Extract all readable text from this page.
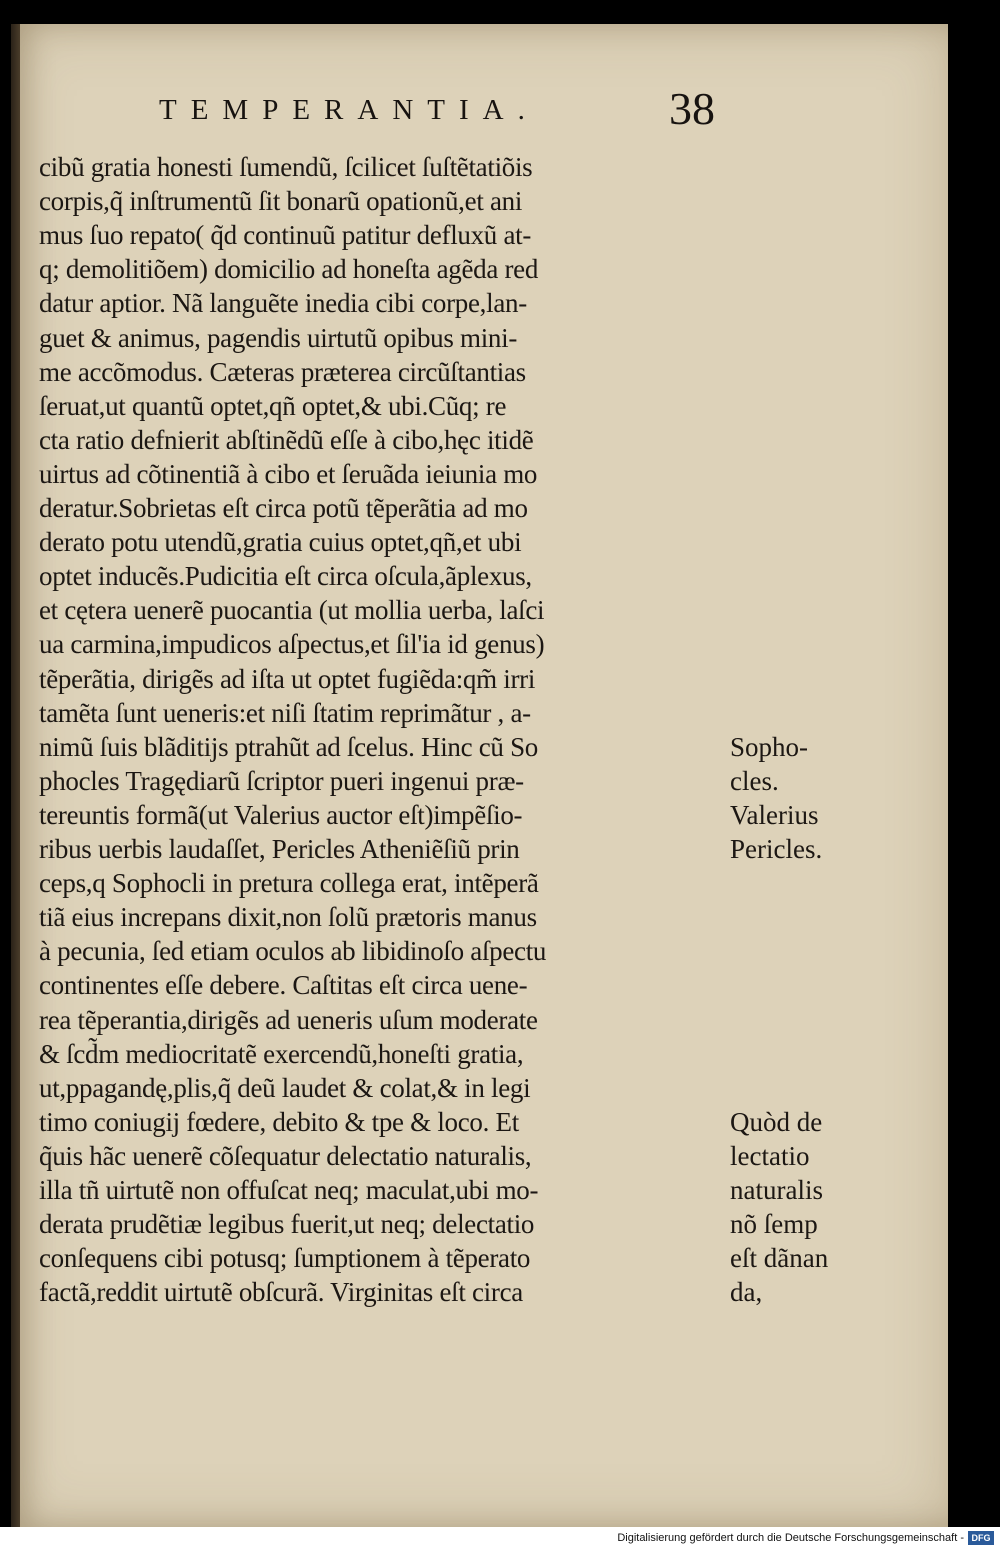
TEMPERANTIA.	38
cibũ gratia honesti ſumendũ, ſcilicet ſuſtẽtatiõis
corpis,q̃ inſtrumentũ ſit bonarũ opationũ,et ani
mus ſuo repato( q̃d continuũ patitur defluxũ at-
q; demolitiõem) domicilio ad honeſta agẽda red
datur aptior. Nã languẽte inedia cibi corpe,lan-
guet & animus, pagendis uirtutũ opibus mini-
me accõmodus. Cæteras præterea circũſtantias
ſeruat,ut quantũ optet,qñ optet,& ubi.Cũq; re
cta ratio defnierit abſtinẽdũ eſſe à cibo,hęc itidẽ
uirtus ad cõtinentiã à cibo et ſeruãda ieiunia mo
deratur.Sobrietas eſt circa potũ tẽperãtia ad mo
derato potu utendũ,gratia cuius optet,qñ,et ubi
optet inducẽs.Pudicitia eſt circa oſcula,ãplexus,
et cętera uenerẽ puocantia (ut mollia uerba, laſci
ua carmina,impudicos aſpectus,et ſil'ia id genus)
tẽperãtia, dirigẽs ad iſta ut optet fugiẽda:qm̃ irri
tamẽta ſunt ueneris:et niſi ſtatim reprimãtur , a-
nimũ ſuis blãditijs ptrahũt ad ſcelus. Hinc cũ So
phocles Tragędiarũ ſcriptor pueri ingenui præ-
tereuntis formã(ut Valerius auctor eſt)impẽſio-
ribus uerbis laudaſſet, Pericles Atheniẽſiũ prin
ceps,q Sophocli in pretura collega erat, intẽperã
tiã eius increpans dixit,non ſolũ prætoris manus
à pecunia, ſed etiam oculos ab libidinoſo aſpectu
continentes eſſe debere. Caſtitas eſt circa uene-
rea tẽperantia,dirigẽs ad ueneris uſum moderate
& ſcd̃m mediocritatẽ exercendũ,honeſti gratia,
ut,ppagandę,plis,q̃ deũ laudet & colat,& in legi
timo coniugij fœdere, debito & tpe & loco. Et
q̃uis hãc uenerẽ cõſequatur delectatio naturalis,
illa tñ uirtutẽ non offuſcat neq; maculat,ubi mo-
derata prudẽtiæ legibus fuerit,ut neq; delectatio
conſequens cibi potusq; ſumptionem à tẽperato
factã,reddit uirtutẽ obſcurã. Virginitas eſt circa
Sopho-
cles.
Valerius
Pericles.
Quòd de
lectatio
naturalis
nõ ſemp
eſt dãnan
da,
Digitalisierung gefördert durch die Deutsche Forschungsgemeinschaft - DFG
